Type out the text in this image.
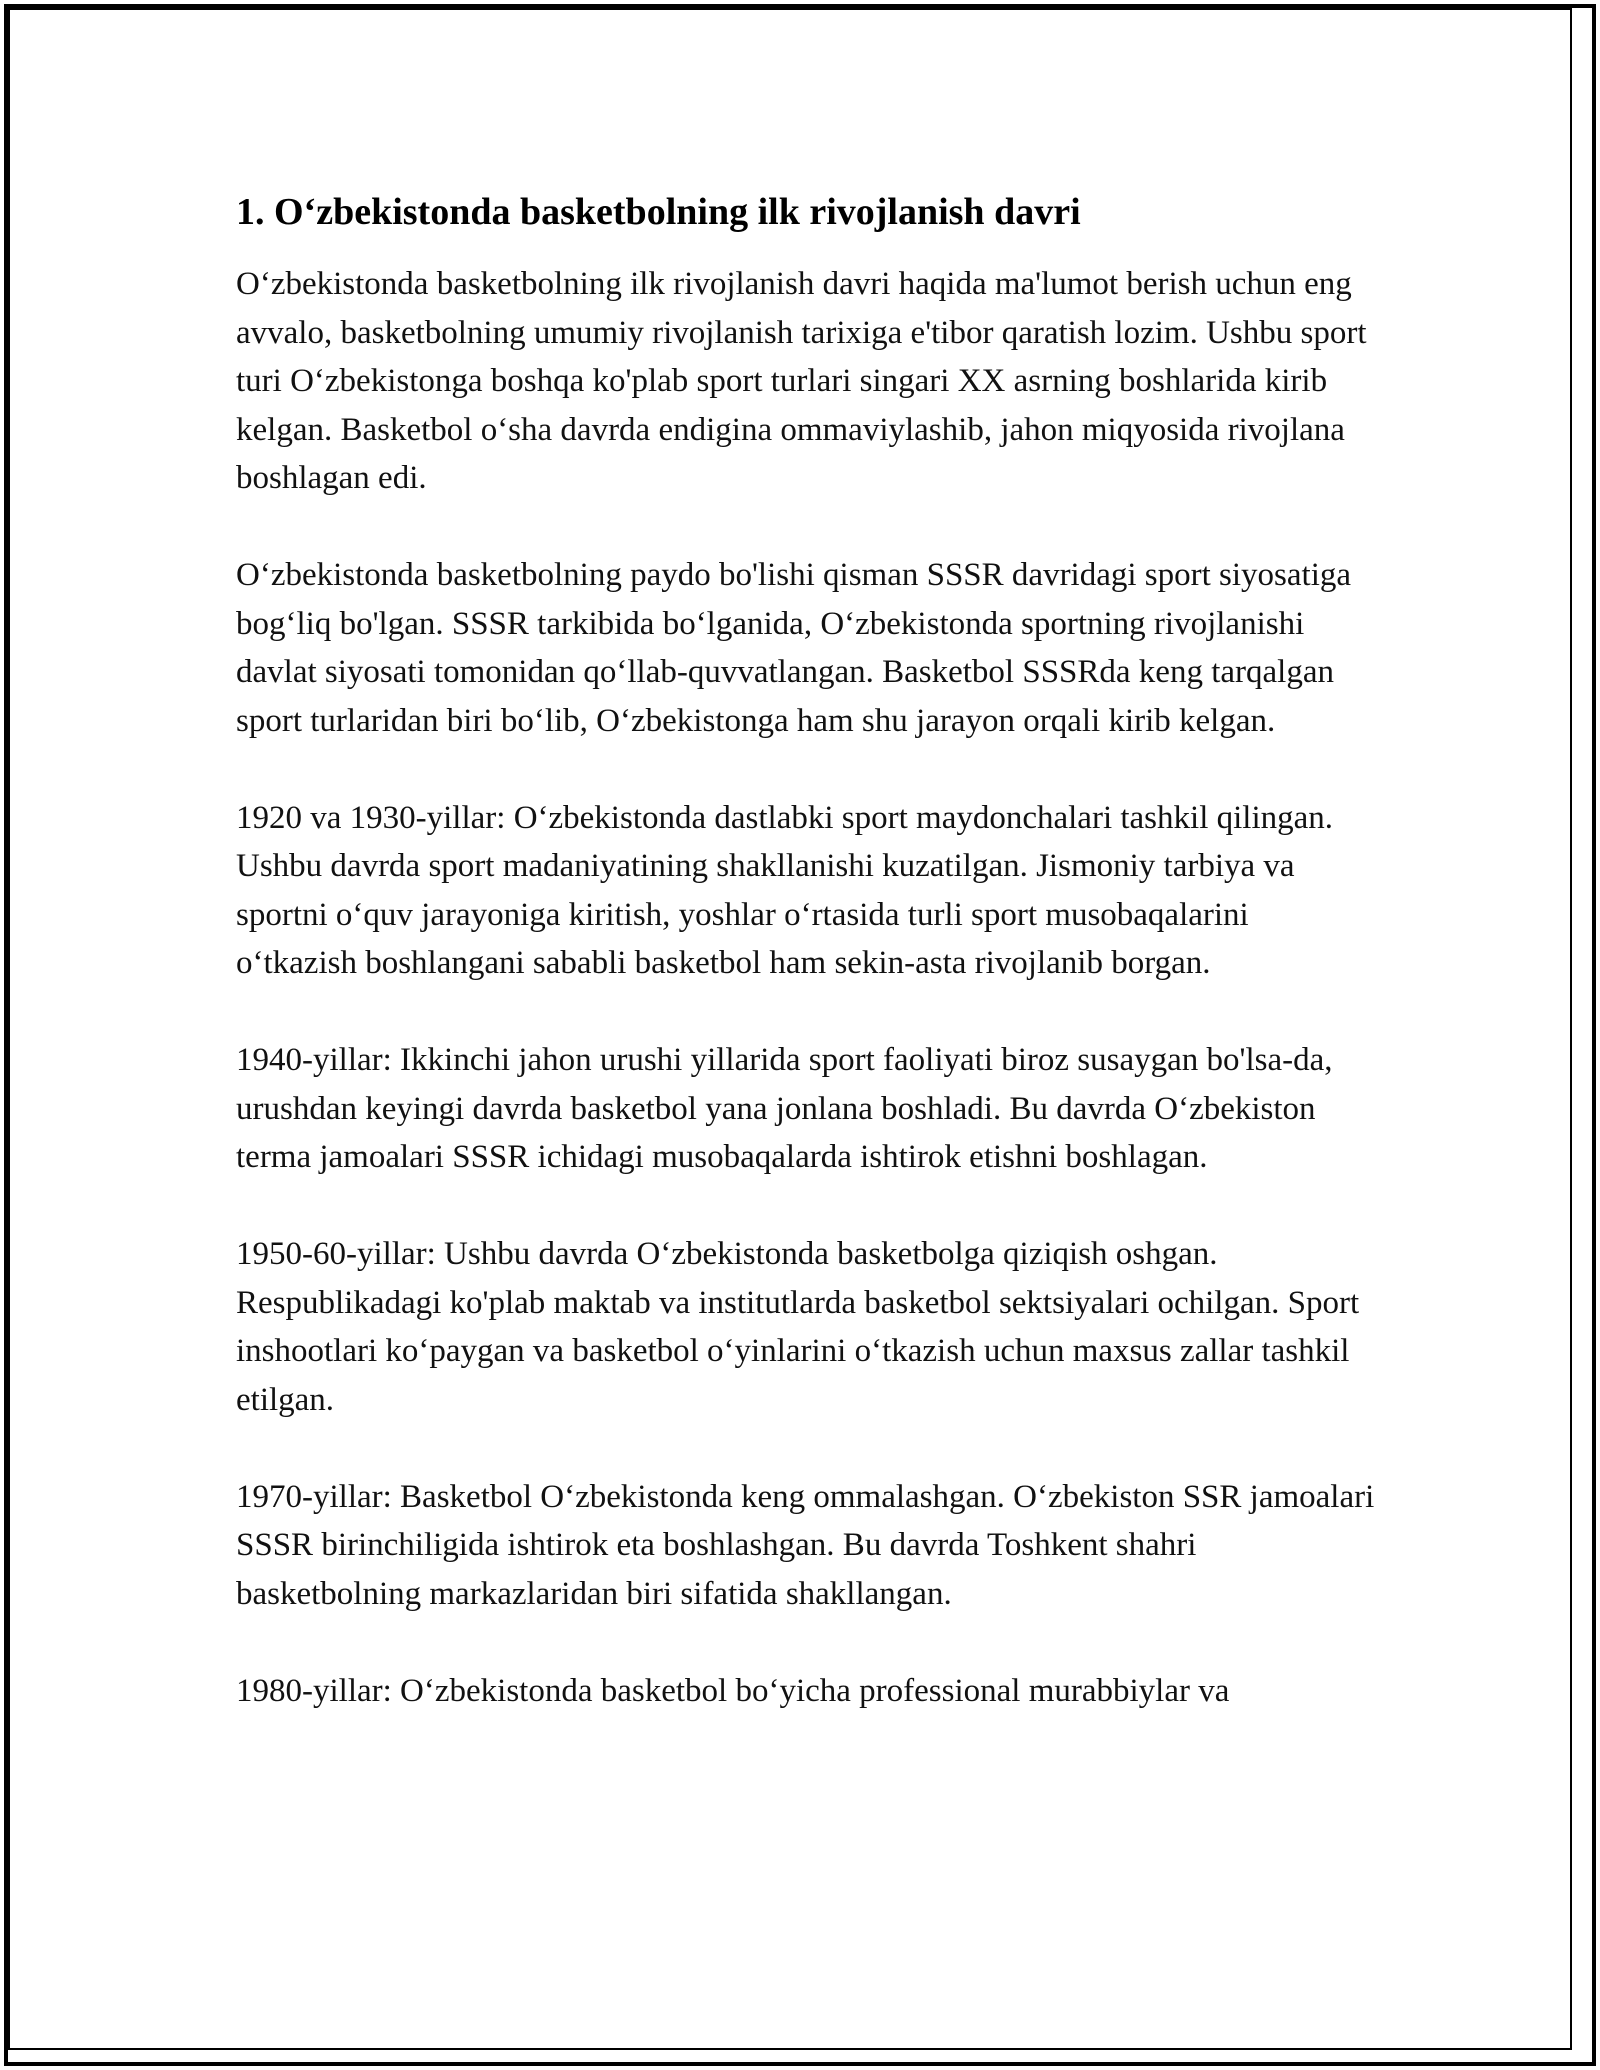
1. O‘zbekistonda basketbolning ilk rivojlanish davri

O‘zbekistonda basketbolning ilk rivojlanish davri haqida ma'lumot berish uchun eng avvalo, basketbolning umumiy rivojlanish tarixiga e'tibor qaratish lozim. Ushbu sport turi O‘zbekistonga boshqa ko'plab sport turlari singari XX asrning boshlarida kirib kelgan. Basketbol o‘sha davrda endigina ommaviylashib, jahon miqyosida rivojlana boshlagan edi.

O‘zbekistonda basketbolning paydo bo'lishi qisman SSSR davridagi sport siyosatiga bog‘liq bo'lgan. SSSR tarkibida bo‘lganida, O‘zbekistonda sportning rivojlanishi davlat siyosati tomonidan qo‘llab-quvvatlangan. Basketbol SSSRda keng tarqalgan sport turlaridan biri bo‘lib, O‘zbekistonga ham shu jarayon orqali kirib kelgan.

1920 va 1930-yillar: O‘zbekistonda dastlabki sport maydonchalari tashkil qilingan. Ushbu davrda sport madaniyatining shakllanishi kuzatilgan. Jismoniy tarbiya va sportni o‘quv jarayoniga kiritish, yoshlar o‘rtasida turli sport musobaqalarini o‘tkazish boshlangani sababli basketbol ham sekin-asta rivojlanib borgan.

1940-yillar: Ikkinchi jahon urushi yillarida sport faoliyati biroz susaygan bo'lsa-da, urushdan keyingi davrda basketbol yana jonlana boshladi. Bu davrda O‘zbekiston terma jamoalari SSSR ichidagi musobaqalarda ishtirok etishni boshlagan.

1950-60-yillar: Ushbu davrda O‘zbekistonda basketbolga qiziqish oshgan. Respublikadagi ko'plab maktab va institutlarda basketbol sektsiyalari ochilgan. Sport inshootlari ko‘paygan va basketbol o‘yinlarini o‘tkazish uchun maxsus zallar tashkil etilgan.

1970-yillar: Basketbol O‘zbekistonda keng ommalashgan. O‘zbekiston SSR jamoalari SSSR birinchiligida ishtirok eta boshlashgan. Bu davrda Toshkent shahri basketbolning markazlaridan biri sifatida shakllangan.

1980-yillar: O‘zbekistonda basketbol bo‘yicha professional murabbiylar va
